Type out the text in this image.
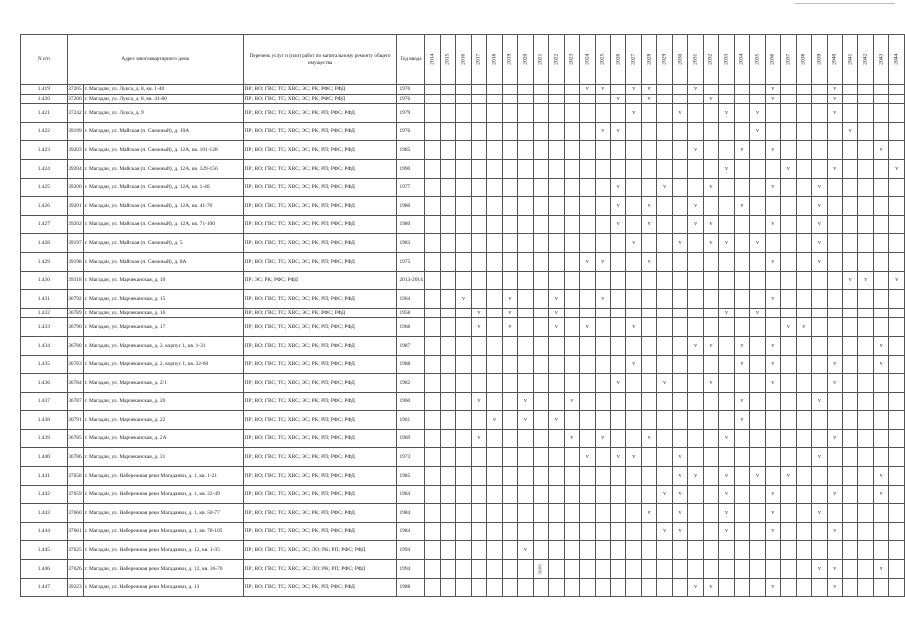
N п/п	Адрес многоквартирного дома		Перечень услуг и (или) работ по капитальному ремонту общего имущества	Год ввода	2014	2015	2016	2017	2018	2019	2020	2021	2022	2023	2024	2025	2026	2027	2028	2029	2030	2031	2032	2033	2034	2035	2036	2037	2038	2039	2040	2041	2042	2043	2044
1.419	37205	г. Магадан, ул. Лукса, д. 8, кв. 1-40	ПР; ВО; ГВС; ТС; ХВС; ЭС; РК; РФС; РФД	1976											v	v		v	v			v					v				v				
1.420	37206	г. Магадан, ул. Лукса, д. 8, кв. 41-80	ПР; ВО; ГВС; ТС; ХВС; ЭС; РК; РФС; РФД	1976													v		v				v				v				v				
1.421	37242	г. Магадан, ул. Лукса, д. 9	ПР; ВО; ГВС; ТС; ХВС; ЭС; РК; РП; РФС; РФД	1979														v			v			v		v					v				
1.422	39199	г. Магадан, ул. Майская (п. Снежный), д. 10А	ПР; ВО; ГВС; ТС; ХВС; ЭС; РК; РП; РФС; РФД	1976												v	v									v						v			
1.423	39203	г. Магадан, ул. Майская (п. Снежный), д. 12А, кв. 101-128	ПР; ВО; ГВС; ТС; ХВС; ЭС; РК; РП; РФС; РФД	1985																		v			v		v							v	
1.424	39204	г. Магадан, ул. Майская (п. Снежный), д. 12А, кв. 129-156	ПР; ВО; ГВС; ТС; ХВС; ЭС; РК; РП; РФС; РФД	1990																				v				v			v				v
1.425	39200	г. Магадан, ул. Майская (п. Снежный), д. 12А, кв. 1-40	ПР; ВО; ГВС; ТС; ХВС; ЭС; РК; РП; РФС; РФД	1977													v			v			v				v			v					
1.426	39201	г. Магадан, ул. Майская (п. Снежный), д. 12А, кв. 41-70	ПР; ВО; ГВС; ТС; ХВС; ЭС; РК; РП; РФС; РФД	1980													v		v			v			v					v					
1.427	39202	г. Магадан, ул. Майская (п. Снежный), д. 12А, кв. 71-100	ПР; ВО; ГВС; ТС; ХВС; ЭС; РК; РП; РФС; РФД	1980													v		v			v	v				v			v					
1.428	39197	г. Магадан, ул. Майская (п. Снежный), д. 5	ПР; ВО; ГВС; ТС; ХВС; ЭС; РК; РП; РФС; РФД	1983														v			v		v	v		v				v					
1.429	39198	г. Магадан, ул. Майская (п. Снежный), д. 8А	ПР; ВО; ГВС; ТС; ХВС; ЭС; РК; РП; РФС; РФД	1975											v	v			v								v			v					
1.430	39318	г. Магадан, ул. Марчеканская, д. 10	ПР; ЭС; РК; РФС; РФД	2013-2014																												v	v		v
1.431	36792	г. Магадан, ул. Марчеканская, д. 15	ПР; ВО; ГВС; ТС; ХВС; ЭС; РК; РП; РФС; РФД	1964			v			v			v			v											v								
1.432	36789	г. Магадан, ул. Марчеканская, д. 16	ПР; ВО; ГВС; ТС; ХВС; ЭС; РК; РФС; РФД	1958				v		v			v											v		v									
1.433	36790	г. Магадан, ул. Марчеканская, д. 17	ПР; ВО; ГВС; ТС; ХВС; ЭС; РК; РП; РФС; РФД	1968				v		v			v		v			v										v	v						
1.434	36780	г. Магадан, ул. Марчеканская, д. 2, корпус 1, кв. 1-31	ПР; ВО; ГВС; ТС; ХВС; ЭС; РК; РП; РФС; РФД	1987																		v	v		v		v							v	
1.435	36783	г. Магадан, ул. Марчеканская, д. 2, корпус 1, кв. 32-60	ПР; ВО; ГВС; ТС; ХВС; ЭС; РК; РП; РФС; РФД	1988														v							v		v				v			v	
1.436	36784	г. Магадан, ул. Марчеканская, д. 2/1	ПР; ВО; ГВС; ТС; ХВС; ЭС; РК; РП; РФС; РФД	1982													v			v			v				v				v				
1.437	36787	г. Магадан, ул. Марчеканская, д. 20	ПР; ВО; ГВС; ТС; ХВС; ЭС; РК; РП; РФС; РФД	1960				v			v			v											v					v					
1.438	36791	г. Магадан, ул. Марчеканская, д. 22	ПР; ВО; ГВС; ТС; ХВС; ЭС; РК; РП; РФС; РФД	1961					v		v		v												v										
1.439	36785	г. Магадан, ул. Марчеканская, д. 2А	ПР; ВО; ГВС; ТС; ХВС; ЭС; РК; РП; РФС; РФД	1969				v						v		v			v					v							v				
1.440	36786	г. Магадан, ул. Марчеканская, д. 31	ПР; ВО; ГВС; ТС; ХВС; ЭС; РК; РП; РФС; РФД	1973											v		v	v			v									v					
1.441	37658	г. Магадан, ул. Набережная реки Магаданки, д. 1, кв. 1-21	ПР; ВО; ГВС; ТС; ХВС; ЭС; РК; РП; РФС; РФД	1985																	v	v		v		v		v						v	
1.442	37659	г. Магадан, ул. Набережная реки Магаданки, д. 1, кв. 22-49	ПР; ВО; ГВС; ТС; ХВС; ЭС; РК; РП; РФС; РФД	1984																v	v			v			v				v			v	
1.443	37660	г. Магадан, ул. Набережная реки Магаданки, д. 1, кв. 50-77	ПР; ВО; ГВС; ТС; ХВС; ЭС; РК; РП; РФС; РФД	1984															v		v			v			v			v					
1.444	37661	г. Магадан, ул. Набережная реки Магаданки, д. 1, кв. 78-105	ПР; ВО; ГВС; ТС; ХВС; ЭС; РК; РП; РФС; РФД	1984																v	v			v			v				v				
1.445	37625	г. Магадан, ул. Набережная реки Магаданки, д. 12, кв. 1-35	ПР; ВО; ГВС; ТС; ХВС; ЭС; ЛО; РК; РП; РФС; РФД	1994							v																								
1.446	37626	г. Магадан, ул. Набережная реки Магаданки, д. 12, кв. 36-70	ПР; ВО; ГВС; ТС; ХВС; ЭС; ЛО; РК; РП; РФС; РФД	1994								ЛО/РП																		v	v			v	
1.447	39223	г. Магадан, ул. Набережная реки Магаданки, д. 13	ПР; ВО; ГВС; ТС; ХВС; ЭС; РК; РП; РФС; РФД	1988																		v	v				v				v				
